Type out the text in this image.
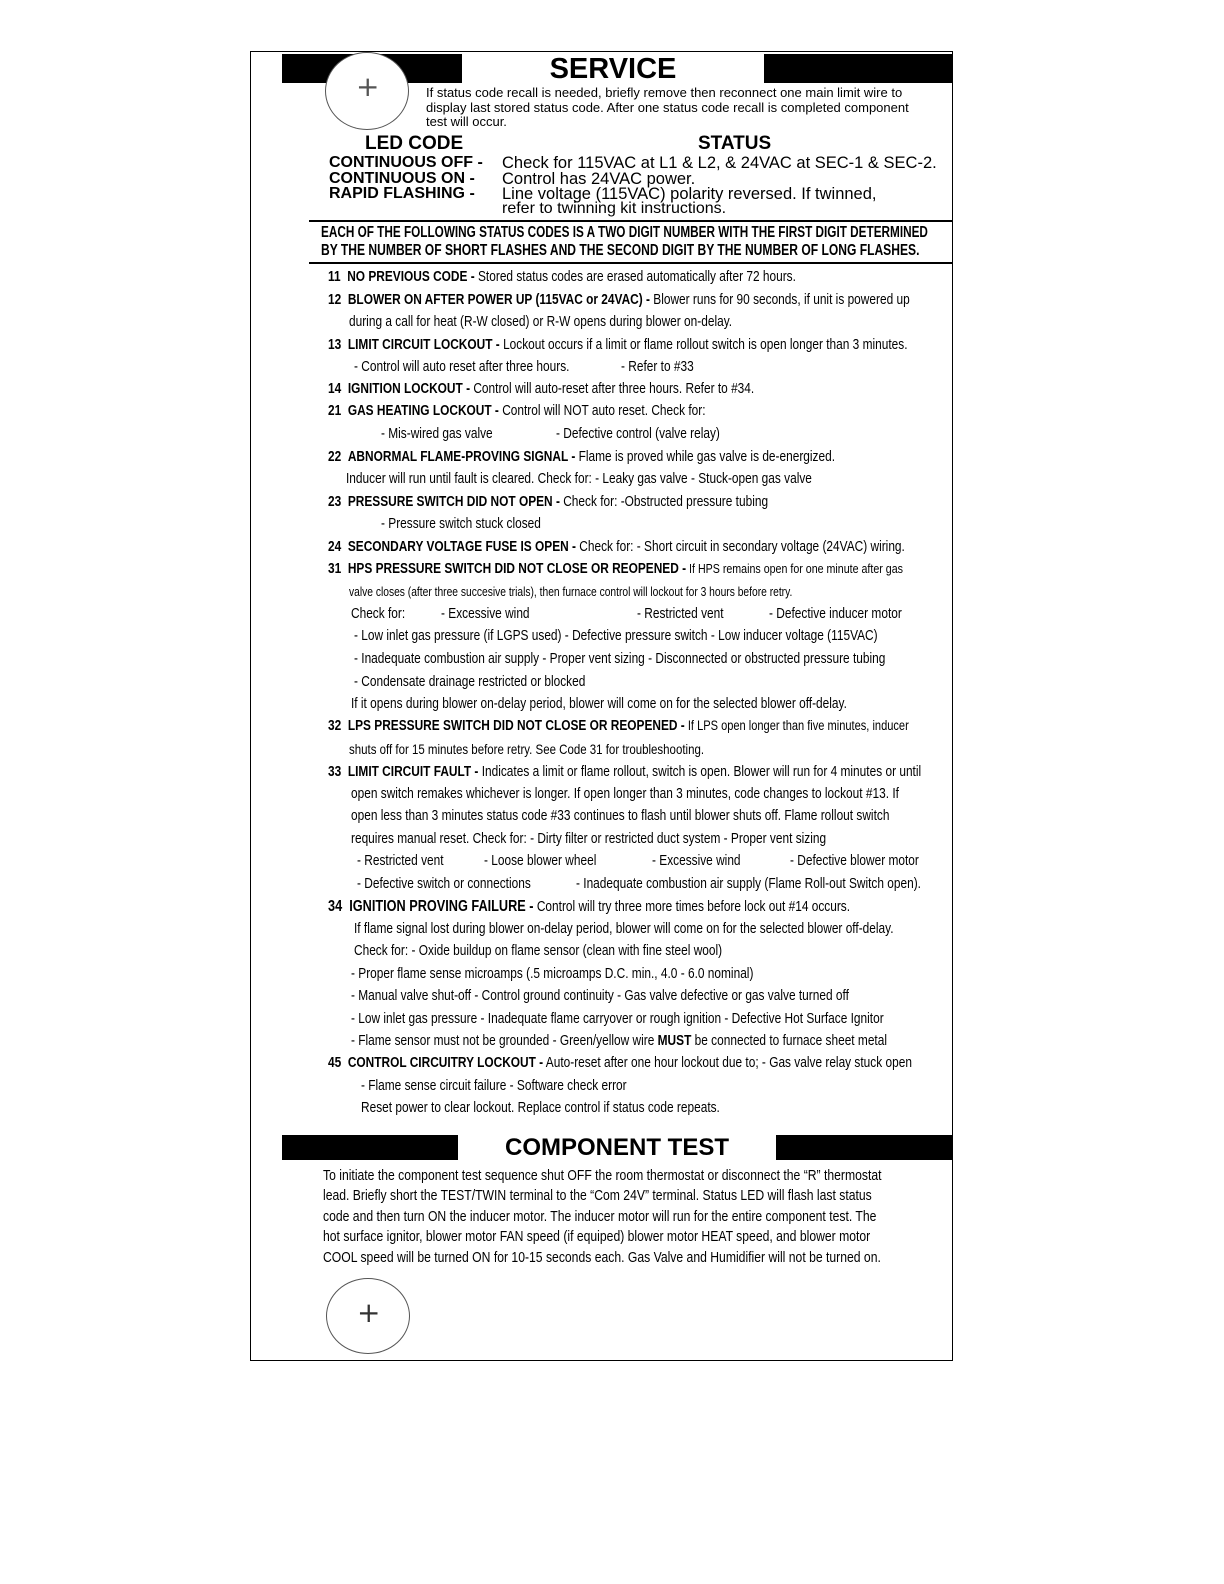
SERVICE
+	If status code recall is needed, briefly remove then reconnect one main limit wire to
display last stored status code. After one status code recall is completed component
test will occur.
LED CODE	STATUS
CONTINUOUS OFF - Check for 115VAC at L1 & L2, & 24VAC at SEC-1 & SEC-2.
CONTINUOUS ON - Control has 24VAC power.
RAPID FLASHING - Line voltage (115VAC) polarity reversed. If twinned,
refer to twinning kit instructions.
EACH OF THE FOLLOWING STATUS CODES IS A TWO DIGIT NUMBER WITH THE FIRST DIGIT DETERMINED
BY THE NUMBER OF SHORT FLASHES AND THE SECOND DIGIT BY THE NUMBER OF LONG FLASHES.
11 NO PREVIOUS CODE - Stored status codes are erased automatically after 72 hours.
12 BLOWER ON AFTER POWER UP (115VAC or 24VAC) - Blower runs for 90 seconds, if unit is powered up
during a call for heat (R-W closed) or R-W opens during blower on-delay.
13 LIMIT CIRCUIT LOCKOUT - Lockout occurs if a limit or flame rollout switch is open longer than 3 minutes.
- Control will auto reset after three hours.	- Refer to #33
14 IGNITION LOCKOUT - Control will auto-reset after three hours. Refer to #34.
21 GAS HEATING LOCKOUT - Control will NOT auto reset. Check for:
- Mis-wired gas valve	- Defective control (valve relay)
22 ABNORMAL FLAME-PROVING SIGNAL - Flame is proved while gas valve is de-energized.
Inducer will run until fault is cleared. Check for: - Leaky gas valve - Stuck-open gas valve
23 PRESSURE SWITCH DID NOT OPEN - Check for: -Obstructed pressure tubing
- Pressure switch stuck closed
24 SECONDARY VOLTAGE FUSE IS OPEN - Check for: - Short circuit in secondary voltage (24VAC) wiring.
31 HPS PRESSURE SWITCH DID NOT CLOSE OR REOPENED - If HPS remains open for one minute after gas
valve closes (after three succesive trials), then furnace control will lockout for 3 hours before retry.
Check for: - Excessive wind	- Restricted vent	- Defective inducer motor
- Low inlet gas pressure (if LGPS used) - Defective pressure switch - Low inducer voltage (115VAC)
- Inadequate combustion air supply - Proper vent sizing - Disconnected or obstructed pressure tubing
- Condensate drainage restricted or blocked
If it opens during blower on-delay period, blower will come on for the selected blower off-delay.
32 LPS PRESSURE SWITCH DID NOT CLOSE OR REOPENED - If LPS open longer than five minutes, inducer
shuts off for 15 minutes before retry. See Code 31 for troubleshooting.
33 LIMIT CIRCUIT FAULT - Indicates a limit or flame rollout, switch is open. Blower will run for 4 minutes or until
open switch remakes whichever is longer. If open longer than 3 minutes, code changes to lockout #13. If
open less than 3 minutes status code #33 continues to flash until blower shuts off. Flame rollout switch
requires manual reset. Check for: - Dirty filter or restricted duct system - Proper vent sizing
- Restricted vent	- Loose blower wheel	- Excessive wind	- Defective blower motor
- Defective switch or connections	- Inadequate combustion air supply (Flame Roll-out Switch open).
34 IGNITION PROVING FAILURE - Control will try three more times before lock out #14 occurs.
If flame signal lost during blower on-delay period, blower will come on for the selected blower off-delay.
Check for: - Oxide buildup on flame sensor (clean with fine steel wool)
- Proper flame sense microamps (.5 microamps D.C. min., 4.0 - 6.0 nominal)
- Manual valve shut-off - Control ground continuity - Gas valve defective or gas valve turned off
- Low inlet gas pressure - Inadequate flame carryover or rough ignition - Defective Hot Surface Ignitor
- Flame sensor must not be grounded - Green/yellow wire MUST be connected to furnace sheet metal
45 CONTROL CIRCUITRY LOCKOUT - Auto-reset after one hour lockout due to; - Gas valve relay stuck open
- Flame sense circuit failure - Software check error
Reset power to clear lockout. Replace control if status code repeats.
COMPONENT TEST
To initiate the component test sequence shut OFF the room thermostat or disconnect the “R” thermostat
lead. Briefly short the TEST/TWIN terminal to the “Com 24V” terminal. Status LED will flash last status
code and then turn ON the inducer motor. The inducer motor will run for the entire component test. The
hot surface ignitor, blower motor FAN speed (if equiped) blower motor HEAT speed, and blower motor
COOL speed will be turned ON for 10-15 seconds each. Gas Valve and Humidifier will not be turned on.
+
